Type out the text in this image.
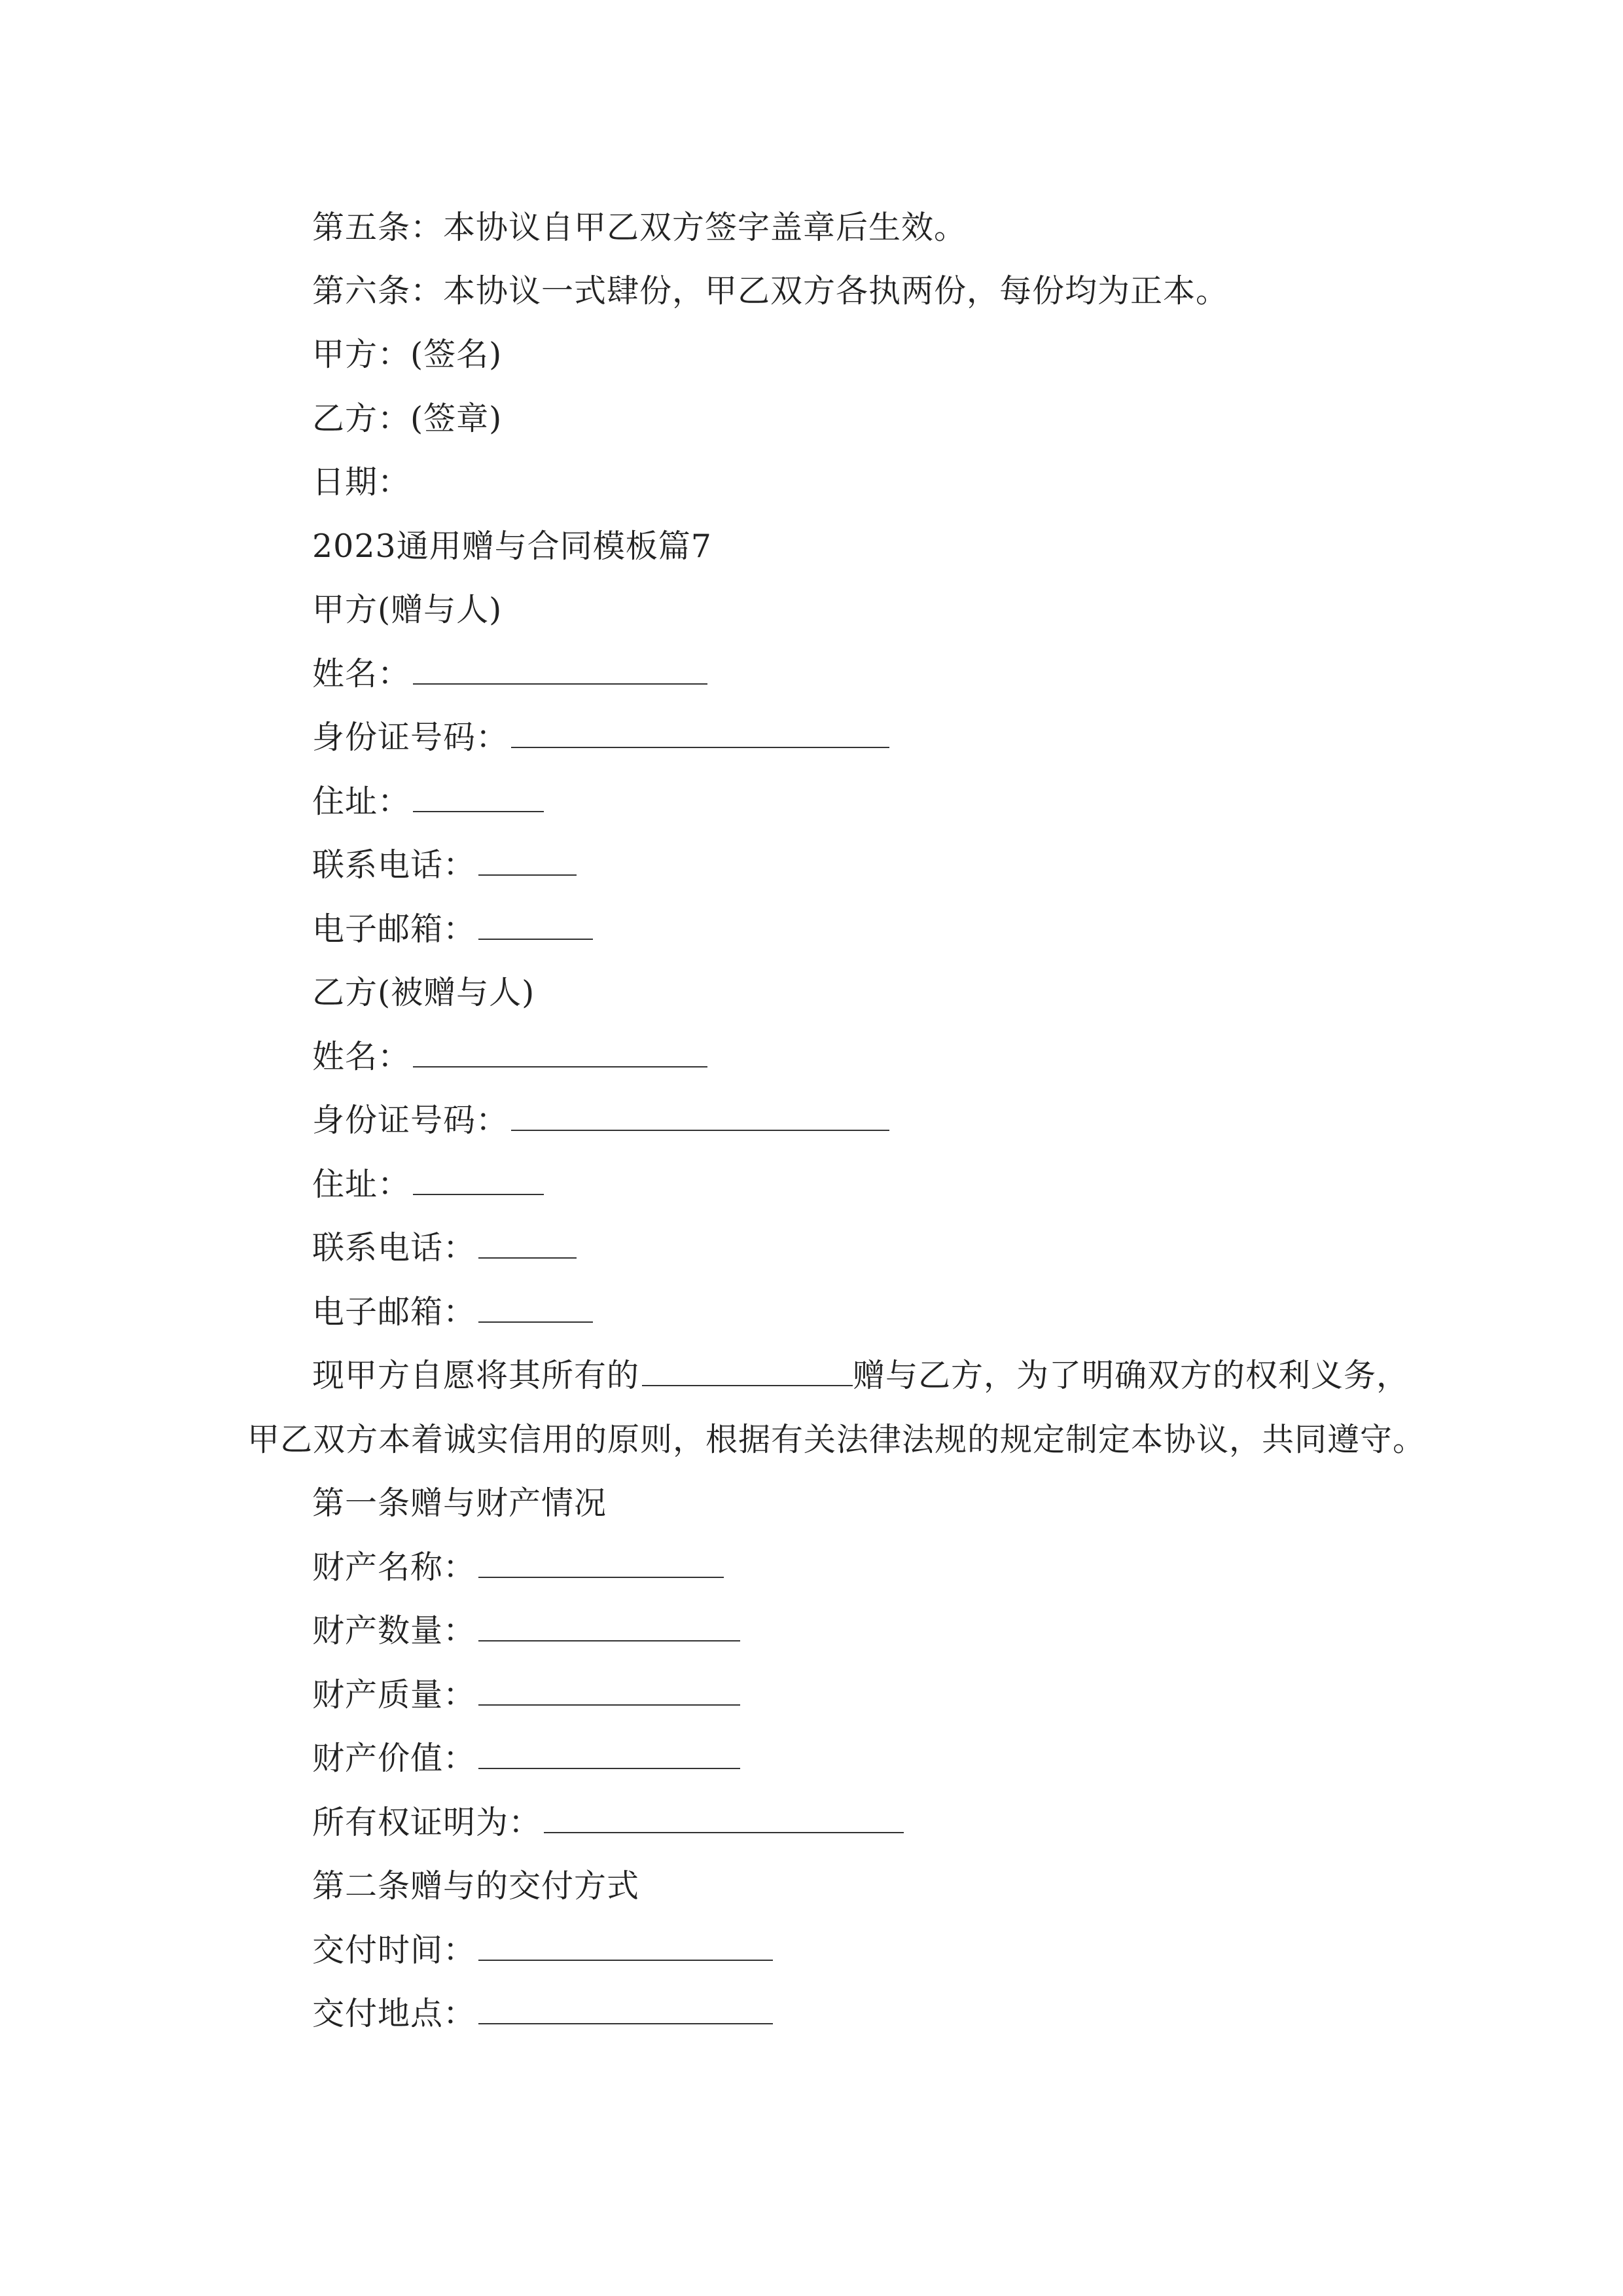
第五条：本协议自甲乙双方签字盖章后生效。
第六条：本协议一式肆份，甲乙双方各执两份，每份均为正本。
甲方：(签名)
乙方：(签章)
日期：
2023通用赠与合同模板篇7
甲方(赠与人)
姓名：
身份证号码：
住址：
联系电话：
电子邮箱：
乙方(被赠与人)
姓名：
身份证号码：
住址：
联系电话：
电子邮箱：
现甲方自愿将其所有的	赠与乙方，为了明确双方的权利义务，
甲乙双方本着诚实信用的原则，根据有关法律法规的规定制定本协议，共同遵守。
第一条赠与财产情况
财产名称：
财产数量：
财产质量：
财产价值：
所有权证明为：
第二条赠与的交付方式
交付时间：
交付地点：
